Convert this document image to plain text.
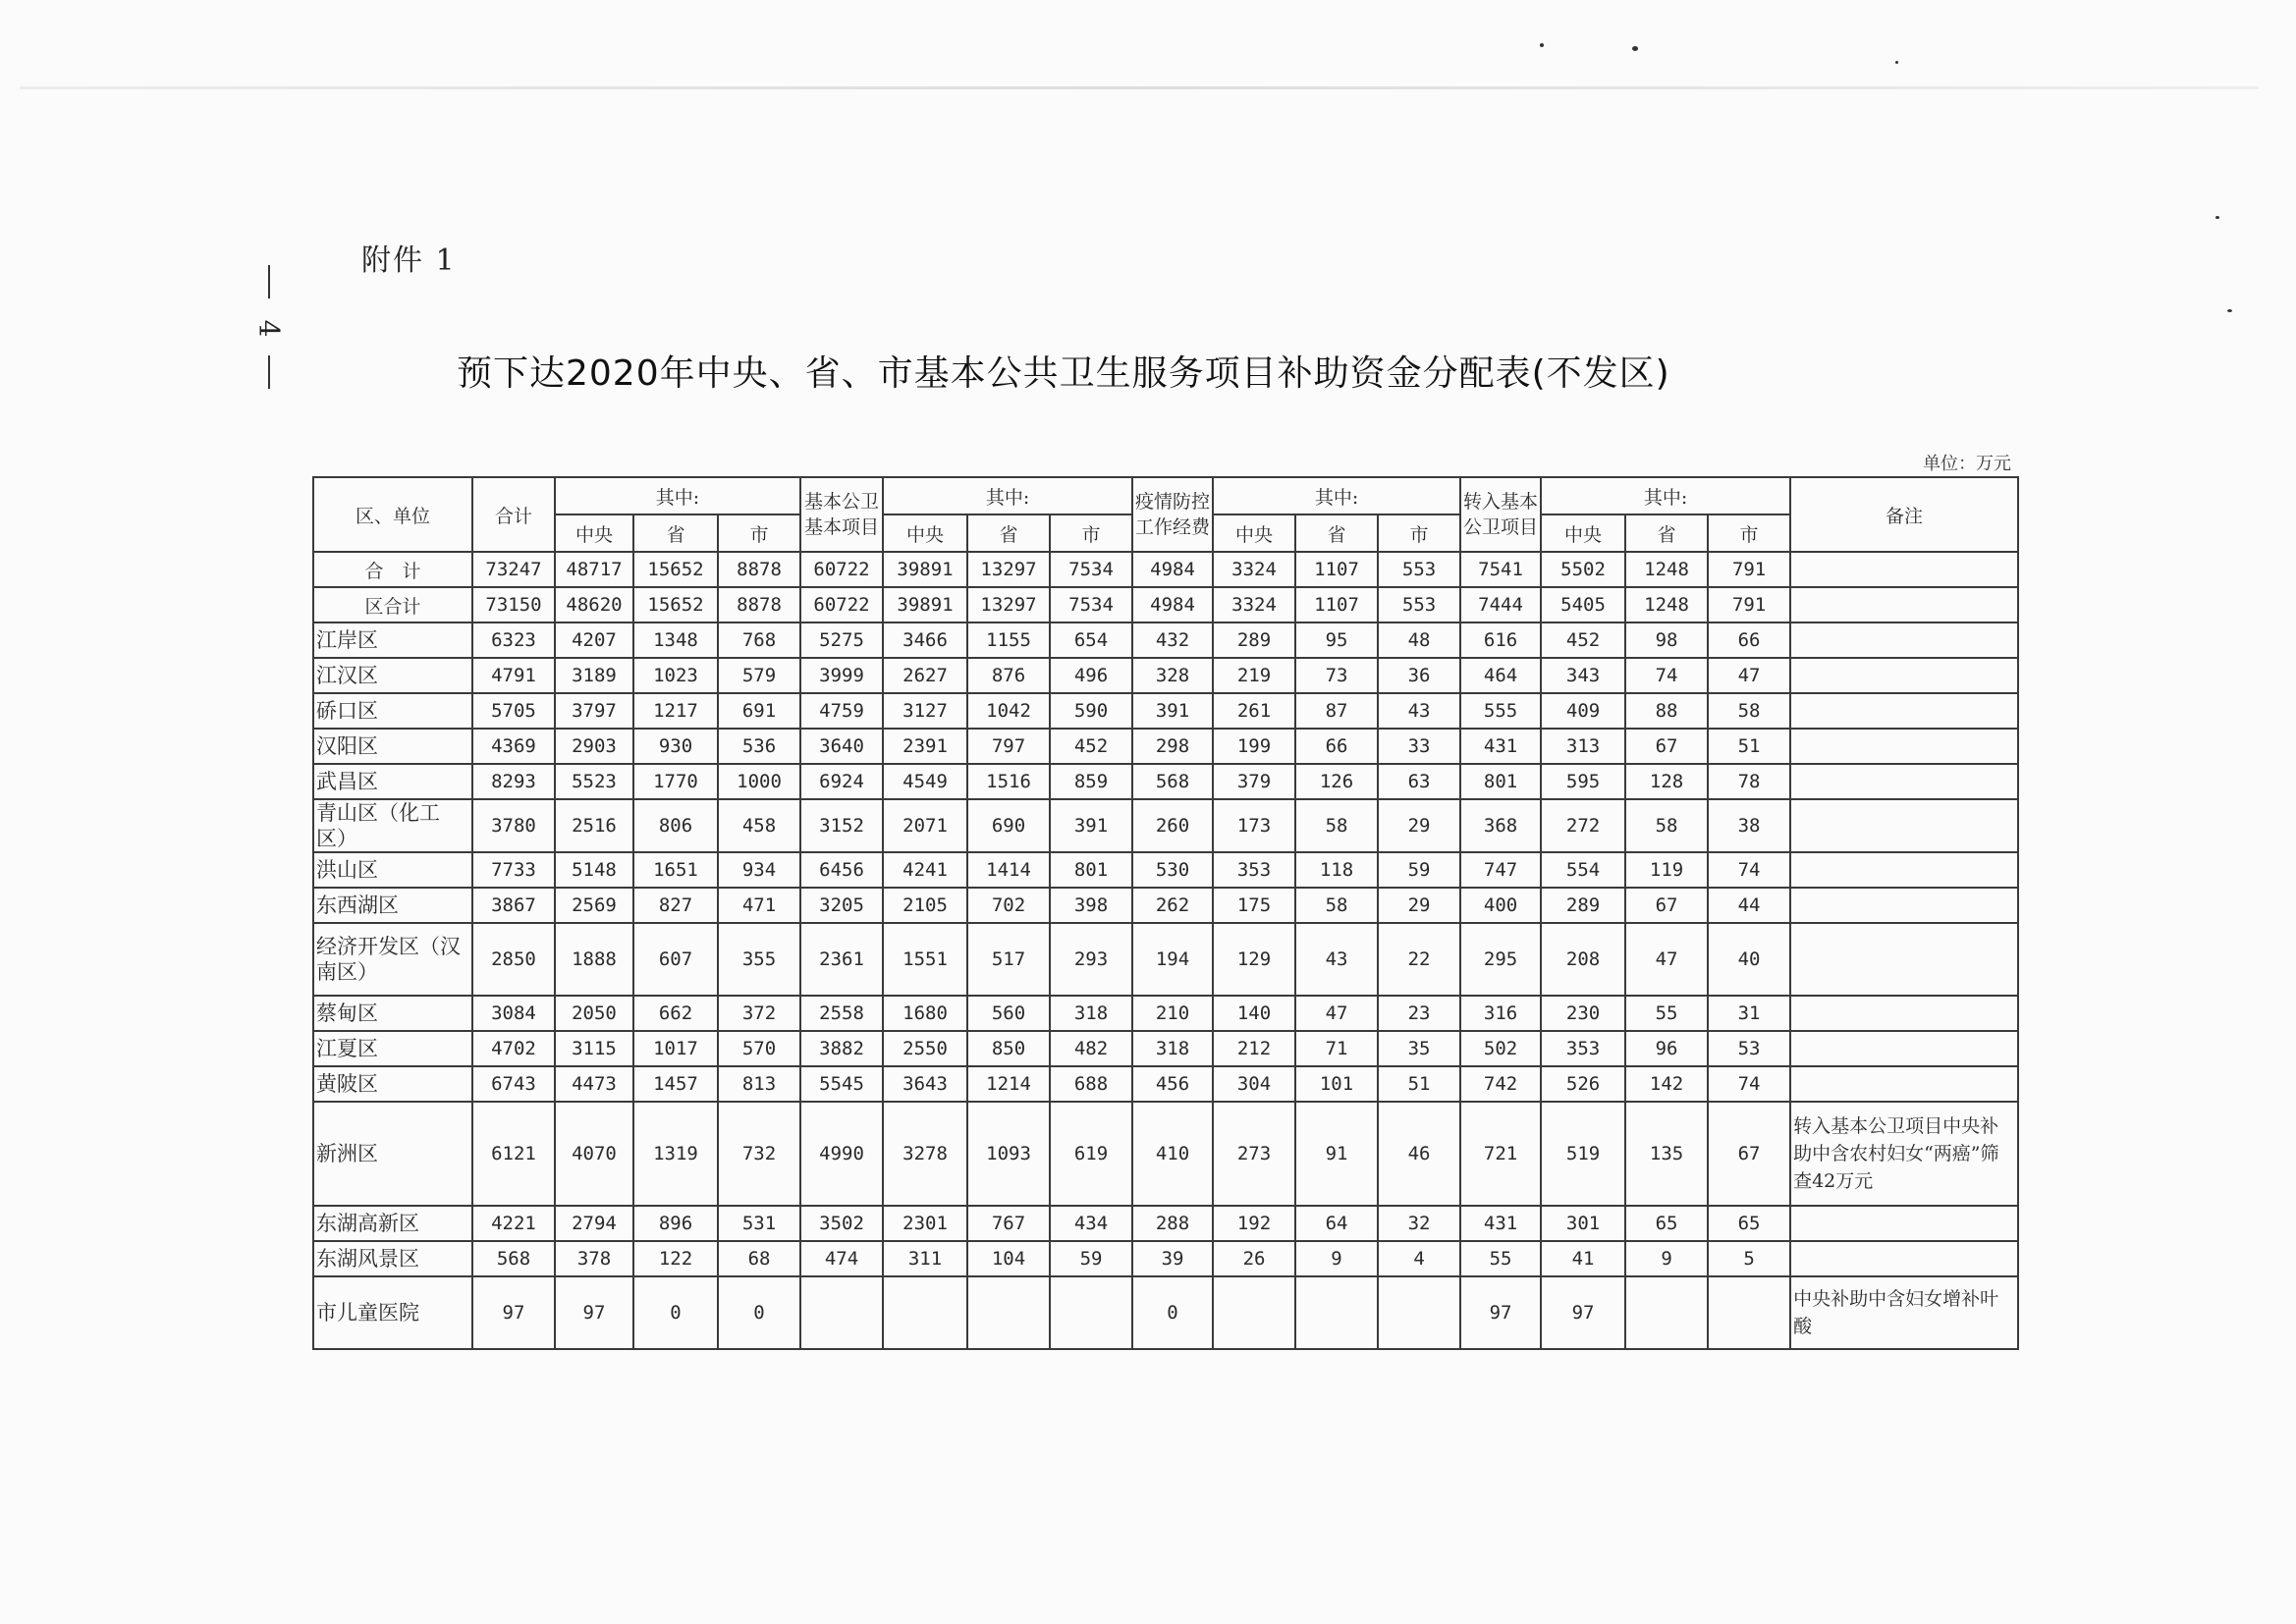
附件 1
4
预下达2020年中央、省、市基本公共卫生服务项目补助资金分配表(不发区)
单位：万元
区、单位	合计	其中:			基本公卫基本项目	其中:			疫情防控工作经费	其中:			转入基本公卫项目	其中:			备注
		中央	省	市		中央	省	市		中央	省	市		中央	省	市	
合　计	73247	48717	15652	8878	60722	39891	13297	7534	4984	3324	1107	553	7541	5502	1248	791	
区合计	73150	48620	15652	8878	60722	39891	13297	7534	4984	3324	1107	553	7444	5405	1248	791	
江岸区	6323	4207	1348	768	5275	3466	1155	654	432	289	95	48	616	452	98	66	
江汉区	4791	3189	1023	579	3999	2627	876	496	328	219	73	36	464	343	74	47	
硚口区	5705	3797	1217	691	4759	3127	1042	590	391	261	87	43	555	409	88	58	
汉阳区	4369	2903	930	536	3640	2391	797	452	298	199	66	33	431	313	67	51	
武昌区	8293	5523	1770	1000	6924	4549	1516	859	568	379	126	63	801	595	128	78	
青山区（化工区）	3780	2516	806	458	3152	2071	690	391	260	173	58	29	368	272	58	38	
洪山区	7733	5148	1651	934	6456	4241	1414	801	530	353	118	59	747	554	119	74	
东西湖区	3867	2569	827	471	3205	2105	702	398	262	175	58	29	400	289	67	44	
经济开发区（汉南区）	2850	1888	607	355	2361	1551	517	293	194	129	43	22	295	208	47	40	
蔡甸区	3084	2050	662	372	2558	1680	560	318	210	140	47	23	316	230	55	31	
江夏区	4702	3115	1017	570	3882	2550	850	482	318	212	71	35	502	353	96	53	
黄陂区	6743	4473	1457	813	5545	3643	1214	688	456	304	101	51	742	526	142	74	
新洲区	6121	4070	1319	732	4990	3278	1093	619	410	273	91	46	721	519	135	67	转入基本公卫项目中央补助中含农村妇女“两癌”筛查42万元
东湖高新区	4221	2794	896	531	3502	2301	767	434	288	192	64	32	431	301	65	65	
东湖风景区	568	378	122	68	474	311	104	59	39	26	9	4	55	41	9	5	
市儿童医院	97	97	0	0					0				97	97			中央补助中含妇女增补叶酸
